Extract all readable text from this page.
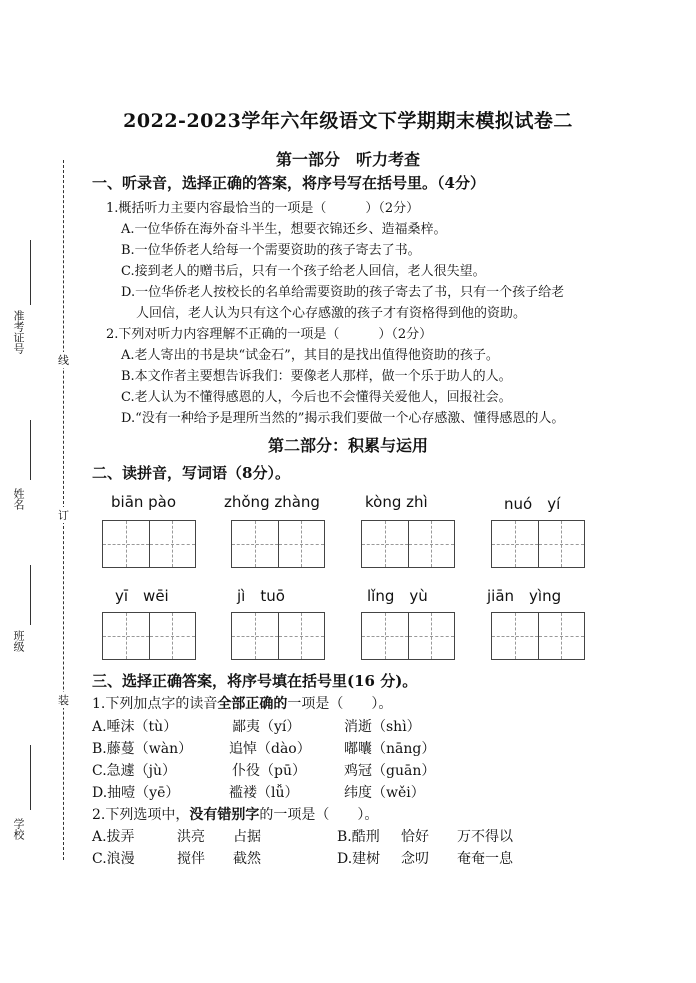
准考证号
姓名
班级
学校
线
订
装
2022-2023学年六年级语文下学期期末模拟试卷二
第一部分　听力考查
一、听录音，选择正确的答案，将序号写在括号里。（4分）
1.概括听力主要内容最恰当的一项是（　　　）（2分）
A.一位华侨在海外奋斗半生，想要衣锦还乡、造福桑梓。
B.一位华侨老人给每一个需要资助的孩子寄去了书。
C.接到老人的赠书后，只有一个孩子给老人回信，老人很失望。
D.一位华侨老人按校长的名单给需要资助的孩子寄去了书，只有一个孩子给老
人回信，老人认为只有这个心存感激的孩子才有资格得到他的资助。
2.下列对听力内容理解不正确的一项是（　　　）（2分）
A.老人寄出的书是块“试金石”，其目的是找出值得他资助的孩子。
B.本文作者主要想告诉我们：要像老人那样，做一个乐于助人的人。
C.老人认为不懂得感恩的人，今后也不会懂得关爱他人，回报社会。
D.“没有一种给予是理所当然的”揭示我们要做一个心存感激、懂得感恩的人。
第二部分：积累与运用
二、读拼音，写词语（8分）。
biān pào	zhǒng zhàng	kòng zhì	nuó　yí
yī　wēi	jì　tuō	lǐng　yù	jiān　yìng
三、选择正确答案，将序号填在括号里(16 分)。
1.下列加点字的读音全部正确的一项是（　　）。
A.唾沫（tù）	鄙夷（yí）	消逝（shì）
B.藤蔓（wàn）	追悼（dào） 嘟囔（nāng）
C.急遽（jù）	仆役（pū）	鸡冠（guān）
D.抽噎（yē）	褴褛（lǚ）	纬度（wěi）
2.下列选项中，没有错别字的一项是（　　）。
A.拔弄	洪亮 占据	B.酷刑 恰好 万不得以
C.浪漫	搅伴 截然	D.建树 念叨 奄奄一息
